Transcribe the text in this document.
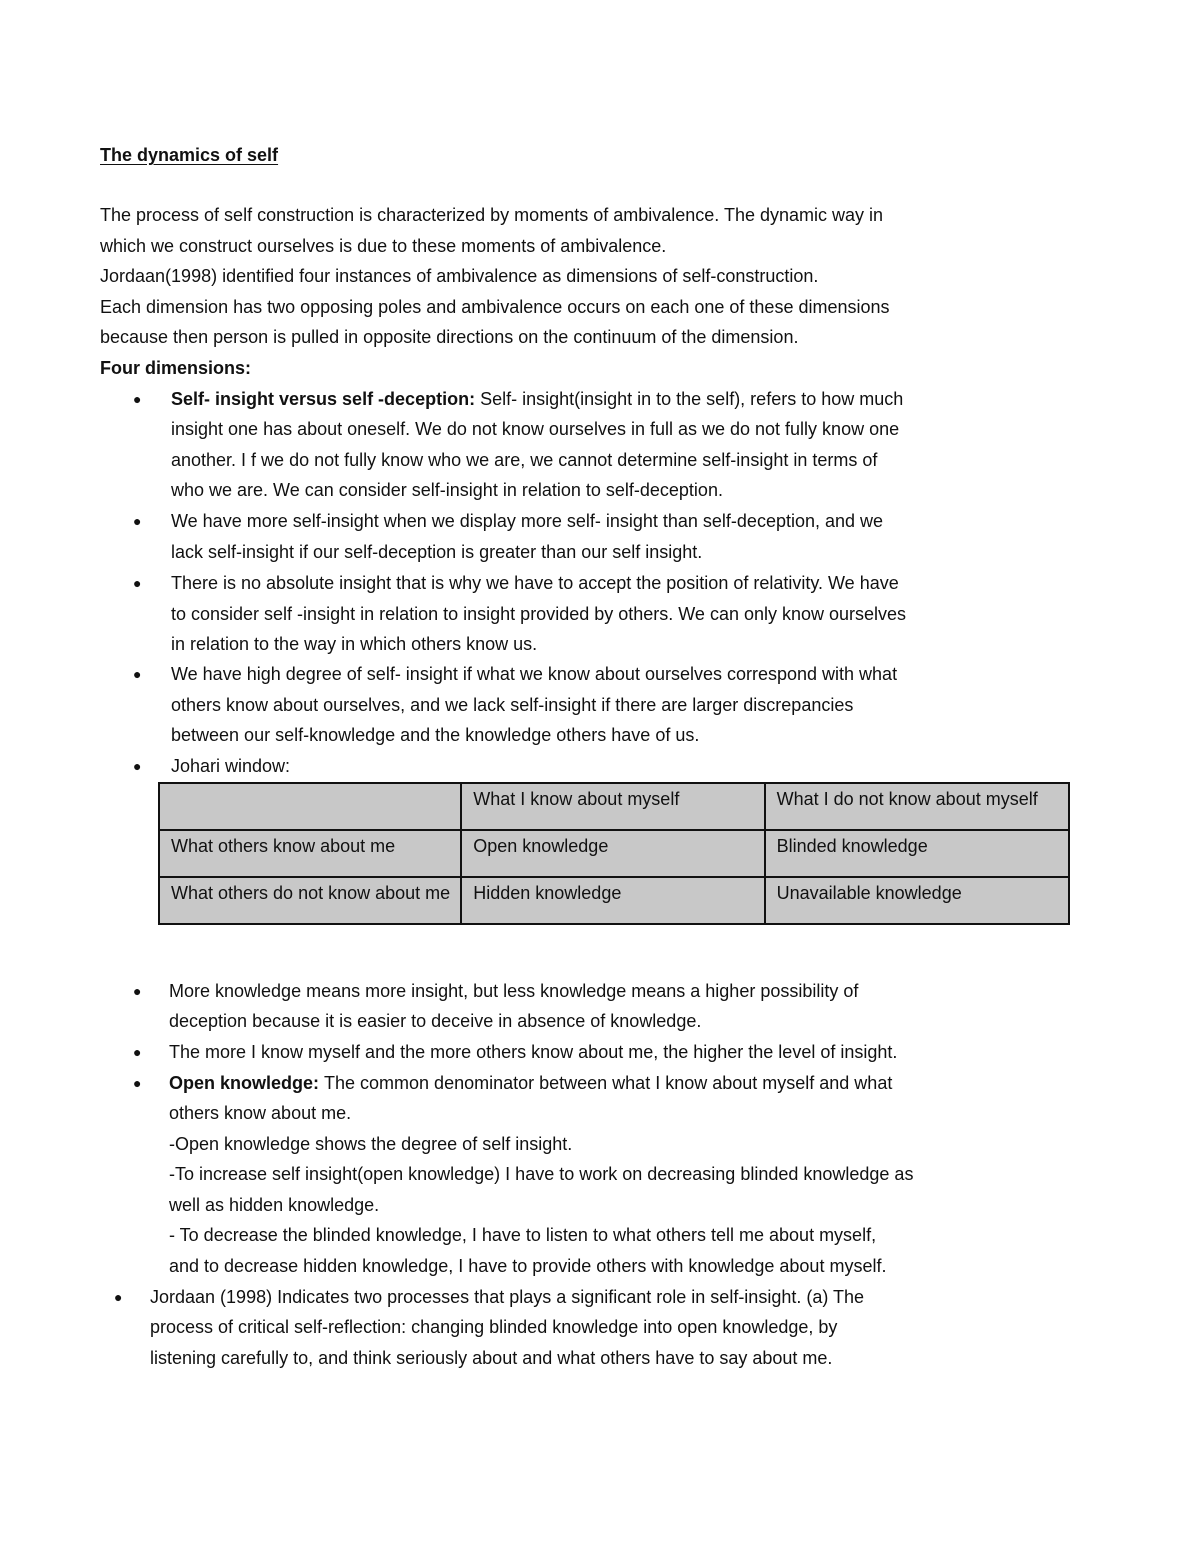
The dynamics of self
The process of self construction is characterized by moments of ambivalence. The dynamic way in
which we construct ourselves is due to these moments of ambivalence.
Jordaan(1998) identified four instances of ambivalence as dimensions of self-construction.
Each dimension has two opposing poles and ambivalence occurs on each one of these dimensions
because then person is pulled in opposite directions on the continuum of the dimension.
Four dimensions:
● Self- insight versus self -deception: Self- insight(insight in to the self), refers to how much
insight one has about oneself. We do not know ourselves in full as we do not fully know one
another. I f we do not fully know who we are, we cannot determine self-insight in terms of
who we are. We can consider self-insight in relation to self-deception.
● We have more self-insight when we display more self- insight than self-deception, and we
lack self-insight if our self-deception is greater than our self insight.
● There is no absolute insight that is why we have to accept the position of relativity. We have
to consider self -insight in relation to insight provided by others. We can only know ourselves
in relation to the way in which others know us.
● We have high degree of self- insight if what we know about ourselves correspond with what
others know about ourselves, and we lack self-insight if there are larger discrepancies
between our self-knowledge and the knowledge others have of us.
● Johari window:
	What I know about myself	What I do not know about myself
What others know about me	Open knowledge	Blinded knowledge
What others do not know about me	Hidden knowledge	Unavailable knowledge
● More knowledge means more insight, but less knowledge means a higher possibility of
deception because it is easier to deceive in absence of knowledge.
● The more I know myself and the more others know about me, the higher the level of insight.
● Open knowledge: The common denominator between what I know about myself and what
others know about me.
-Open knowledge shows the degree of self insight.
-To increase self insight(open knowledge) I have to work on decreasing blinded knowledge as
well as hidden knowledge.
- To decrease the blinded knowledge, I have to listen to what others tell me about myself,
and to decrease hidden knowledge, I have to provide others with knowledge about myself.
● Jordaan (1998) Indicates two processes that plays a significant role in self-insight. (a) The
process of critical self-reflection: changing blinded knowledge into open knowledge, by
listening carefully to, and think seriously about and what others have to say about me.
